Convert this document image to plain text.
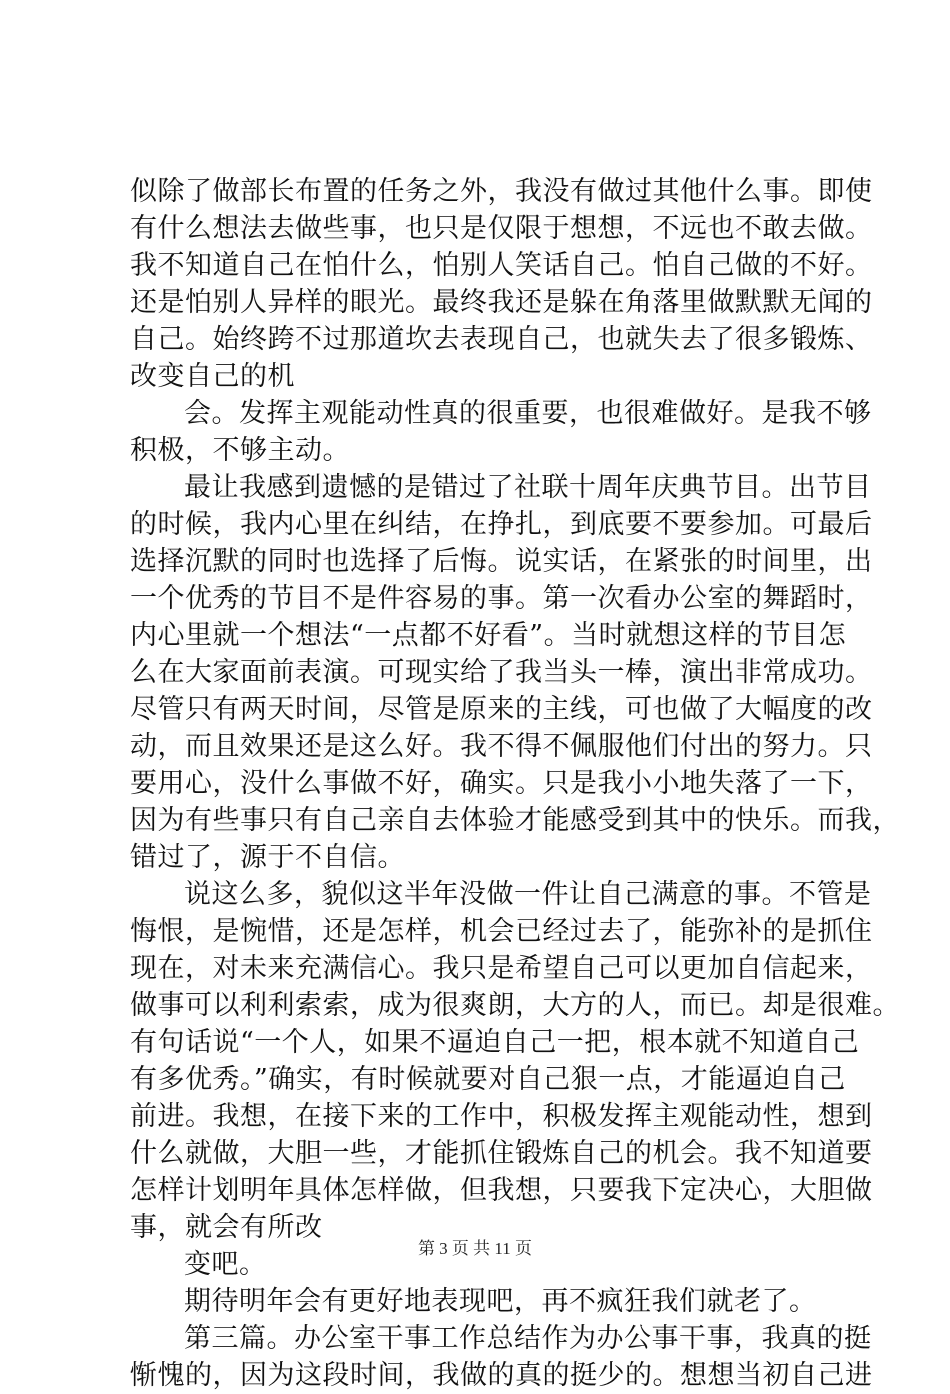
似除了做部长布置的任务之外，我没有做过其他什么事。即使
有什么想法去做些事，也只是仅限于想想，不远也不敢去做。
我不知道自己在怕什么，怕别人笑话自己。怕自己做的不好。
还是怕别人异样的眼光。最终我还是躲在角落里做默默无闻的
自己。始终跨不过那道坎去表现自己，也就失去了很多锻炼、
改变自己的机
会。发挥主观能动性真的很重要，也很难做好。是我不够
积极，不够主动。
最让我感到遗憾的是错过了社联十周年庆典节目。出节目
的时候，我内心里在纠结，在挣扎，到底要不要参加。可最后
选择沉默的同时也选择了后悔。说实话，在紧张的时间里，出
一个优秀的节目不是件容易的事。第一次看办公室的舞蹈时，
内心里就一个想法“一点都不好看”。当时就想这样的节目怎
么在大家面前表演。可现实给了我当头一棒，演出非常成功。
尽管只有两天时间，尽管是原来的主线，可也做了大幅度的改
动，而且效果还是这么好。我不得不佩服他们付出的努力。只
要用心，没什么事做不好，确实。只是我小小地失落了一下，
因为有些事只有自己亲自去体验才能感受到其中的快乐。而我，
错过了，源于不自信。
说这么多，貌似这半年没做一件让自己满意的事。不管是
悔恨，是惋惜，还是怎样，机会已经过去了，能弥补的是抓住
现在，对未来充满信心。我只是希望自己可以更加自信起来，
做事可以利利索索，成为很爽朗，大方的人，而已。却是很难。
有句话说“一个人，如果不逼迫自己一把，根本就不知道自己
有多优秀。”确实，有时候就要对自己狠一点，才能逼迫自己
前进。我想，在接下来的工作中，积极发挥主观能动性，想到
什么就做，大胆一些，才能抓住锻炼自己的机会。我不知道要
怎样计划明年具体怎样做，但我想，只要我下定决心，大胆做
事，就会有所改
变吧。
期待明年会有更好地表现吧，再不疯狂我们就老了。
第三篇。办公室干事工作总结作为办公事干事，我真的挺
惭愧的，因为这段时间，我做的真的挺少的。想想当初自己进
第 3 页 共 11 页
